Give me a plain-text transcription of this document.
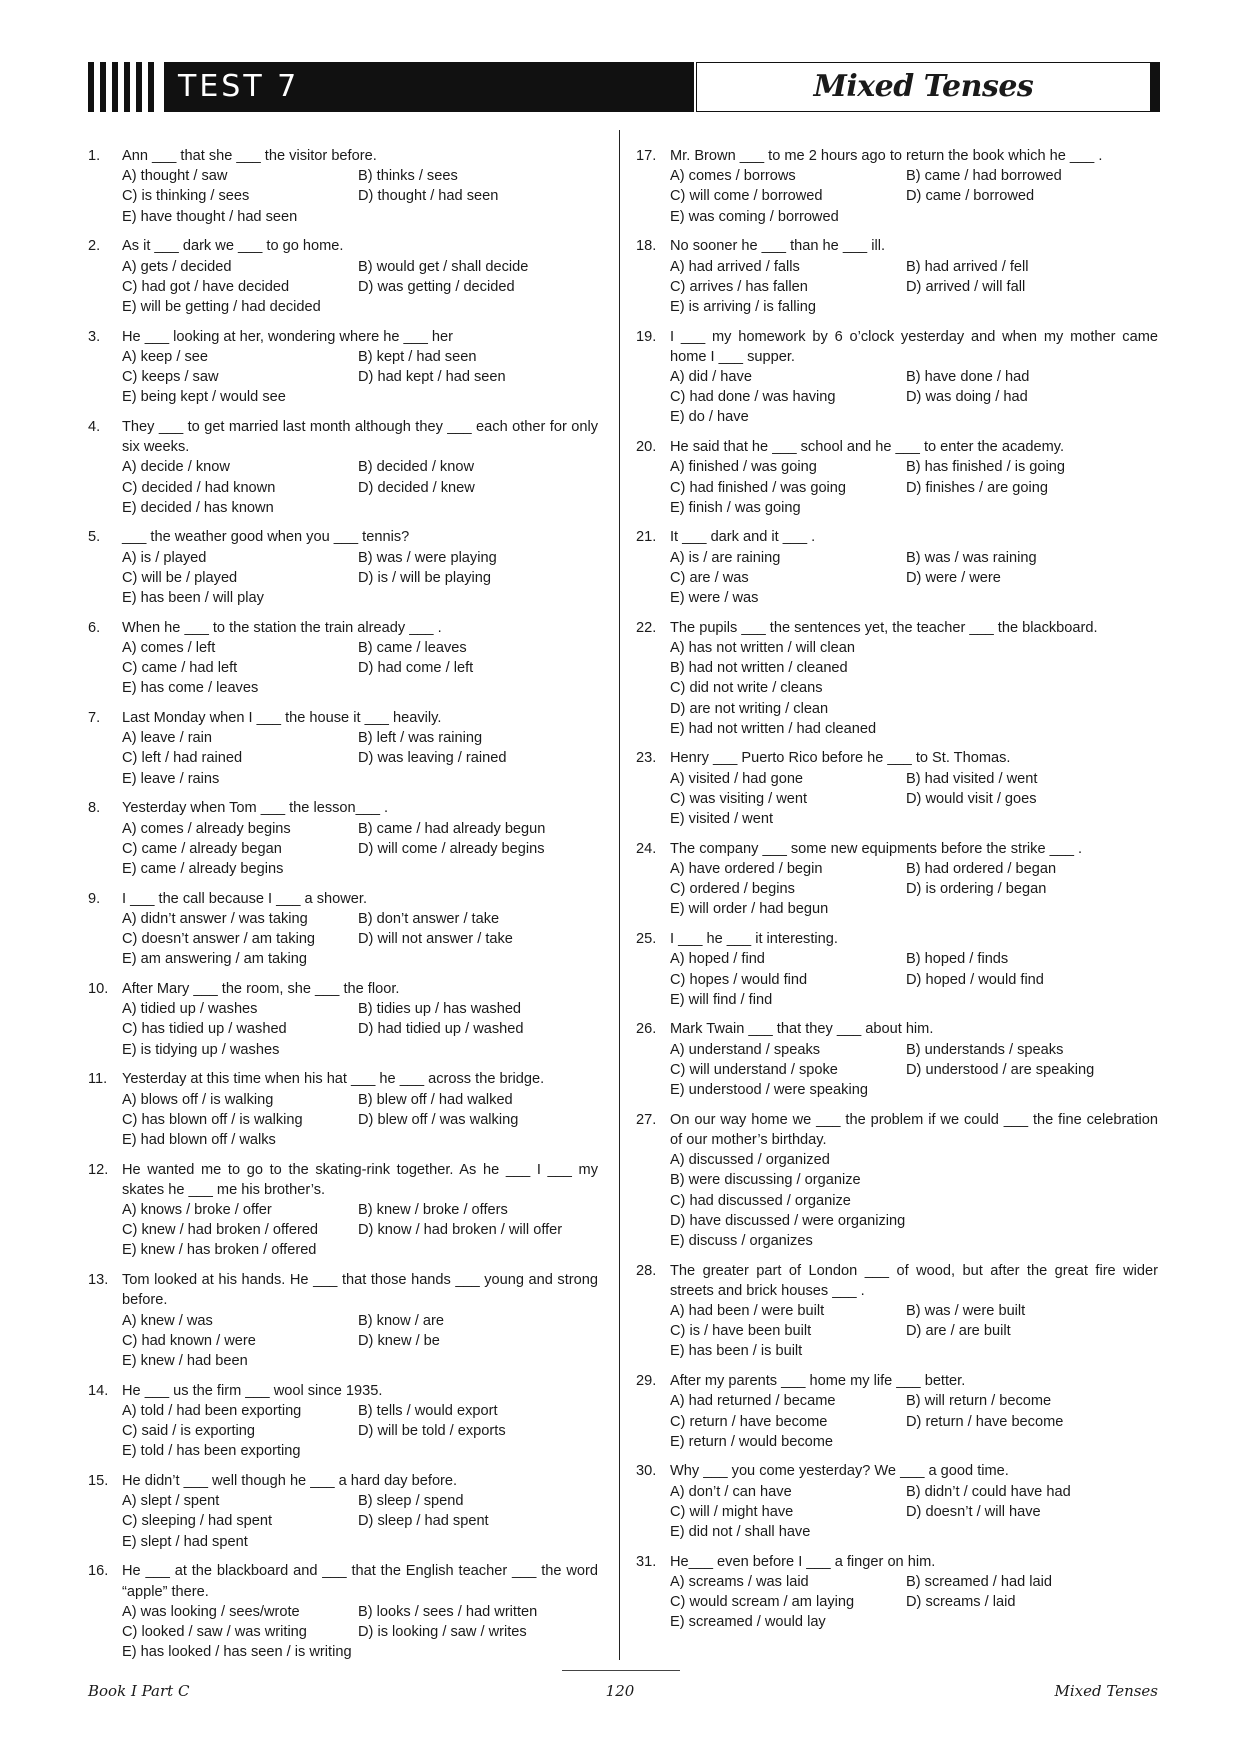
TEST 7	Mixed Tenses
1.	Ann ___ that she ___ the visitor before.
A) thought / saw	B) thinks / sees
C) is thinking / sees	D) thought / had seen
E) have thought / had seen
2.	As it ___ dark we ___ to go home.
A) gets / decided	B) would get / shall decide
C) had got / have decided	D) was getting / decided
E) will be getting / had decided
3.	He ___ looking at her, wondering where he ___ her
A) keep / see	B) kept / had seen
C) keeps / saw	D) had kept / had seen
E) being kept / would see
4.	They ___ to get married last month although they ___ each other for only six weeks.
A) decide / know	B) decided / know
C) decided / had known	D) decided / knew
E) decided / has known
5.	___ the weather good when you ___ tennis?
A) is / played	B) was / were playing
C) will be / played	D) is / will be playing
E) has been / will play
6.	When he ___ to the station the train already ___ .
A) comes / left	B) came / leaves
C) came / had left	D) had come / left
E) has come / leaves
7.	Last Monday when I ___ the house it ___ heavily.
A) leave / rain	B) left / was raining
C) left / had rained	D) was leaving / rained
E) leave / rains
8.	Yesterday when Tom ___ the lesson___ .
A) comes / already begins	B) came / had already begun
C) came / already began	D) will come / already begins
E) came / already begins
9.	I ___ the call because I ___ a shower.
A) didn’t answer / was taking	B) don’t answer / take
C) doesn’t answer / am taking	D) will not answer / take
E) am answering / am taking
10. After Mary ___ the room, she ___ the floor.
A) tidied up / washes	B) tidies up / has washed
C) has tidied up / washed	D) had tidied up / washed
E) is tidying up / washes
11.	Yesterday at this time when his hat ___ he ___ across the bridge.
A) blows off / is walking	B) blew off / had walked
C) has blown off / is walking	D) blew off / was walking
E) had blown off / walks
12. He wanted me to go to the skating-rink together. As he ___ I ___ my skates he ___ me his brother’s.
A) knows / broke / offer	B) knew / broke / offers
C) knew / had broken / offered	D) know / had broken / will offer
E) knew / has broken / offered
13. Tom looked at his hands. He ___ that those hands ___ young and strong before.
A) knew / was	B) know / are
C) had known / were	D) knew / be
E) knew / had been
14. He ___ us the firm ___ wool since 1935.
A) told / had been exporting	B) tells / would export
C) said / is exporting	D) will be told / exports
E) told / has been exporting
15. He didn’t ___ well though he ___ a hard day before.
A) slept / spent	B) sleep / spend
C) sleeping / had spent	D) sleep / had spent
E) slept / had spent
16. He ___ at the blackboard and ___ that the English teacher ___ the word “apple” there.
A) was looking / sees/wrote	B) looks / sees / had written
C) looked / saw / was writing	D) is looking / saw / writes
E) has looked / has seen / is writing
17. Mr. Brown ___ to me 2 hours ago to return the book which he ___ .
A) comes / borrows	B) came / had borrowed
C) will come / borrowed	D) came / borrowed
E) was coming / borrowed
18. No sooner he ___ than he ___ ill.
A) had arrived / falls	B) had arrived / fell
C) arrives / has fallen	D) arrived / will fall
E) is arriving / is falling
19. I ___ my homework by 6 o’clock yesterday and when my mother came home I ___ supper.
A) did / have	B) have done / had
C) had done / was having	D) was doing / had
E) do / have
20. He said that he ___ school and he ___ to enter the academy.
A) finished / was going	B) has finished / is going
C) had finished / was going	D) finishes / are going
E) finish / was going
21. It ___ dark and it ___ .
A) is / are raining	B) was / was raining
C) are / was	D) were / were
E) were / was
22. The pupils ___ the sentences yet, the teacher ___ the blackboard.
A) has not written / will clean
B) had not written / cleaned
C) did not write / cleans
D) are not writing / clean
E) had not written / had cleaned
23. Henry ___ Puerto Rico before he ___ to St. Thomas.
A) visited / had gone	B) had visited / went
C) was visiting / went	D) would visit / goes
E) visited / went
24. The company ___ some new equipments before the strike ___ .
A) have ordered / begin	B) had ordered / began
C) ordered / begins	D) is ordering / began
E) will order / had begun
25. I ___ he ___ it interesting.
A) hoped / find	B) hoped / finds
C) hopes / would find	D) hoped / would find
E) will find / find
26. Mark Twain ___ that they ___ about him.
A) understand / speaks	B) understands / speaks
C) will understand / spoke	D) understood / are speaking
E) understood / were speaking
27. On our way home we ___ the problem if we could ___ the fine celebration of our mother’s birthday.
A) discussed / organized
B) were discussing / organize
C) had discussed / organize
D) have discussed / were organizing
E) discuss / organizes
28. The greater part of London ___ of wood, but after the great fire wider streets and brick houses ___ .
A) had been / were built	B) was / were built
C) is / have been built	D) are / are built
E) has been / is built
29. After my parents ___ home my life ___ better.
A) had returned / became	B) will return / become
C) return / have become	D) return / have become
E) return / would become
30. Why ___ you come yesterday? We ___ a good time.
A) don’t / can have	B) didn’t / could have had
C) will / might have	D) doesn’t / will have
E) did not / shall have
31. He___ even before I ___ a finger on him.
A) screams / was laid	B) screamed / had laid
C) would scream / am laying	D) screams / laid
E) screamed / would lay
Book I Part C	120	Mixed Tenses
